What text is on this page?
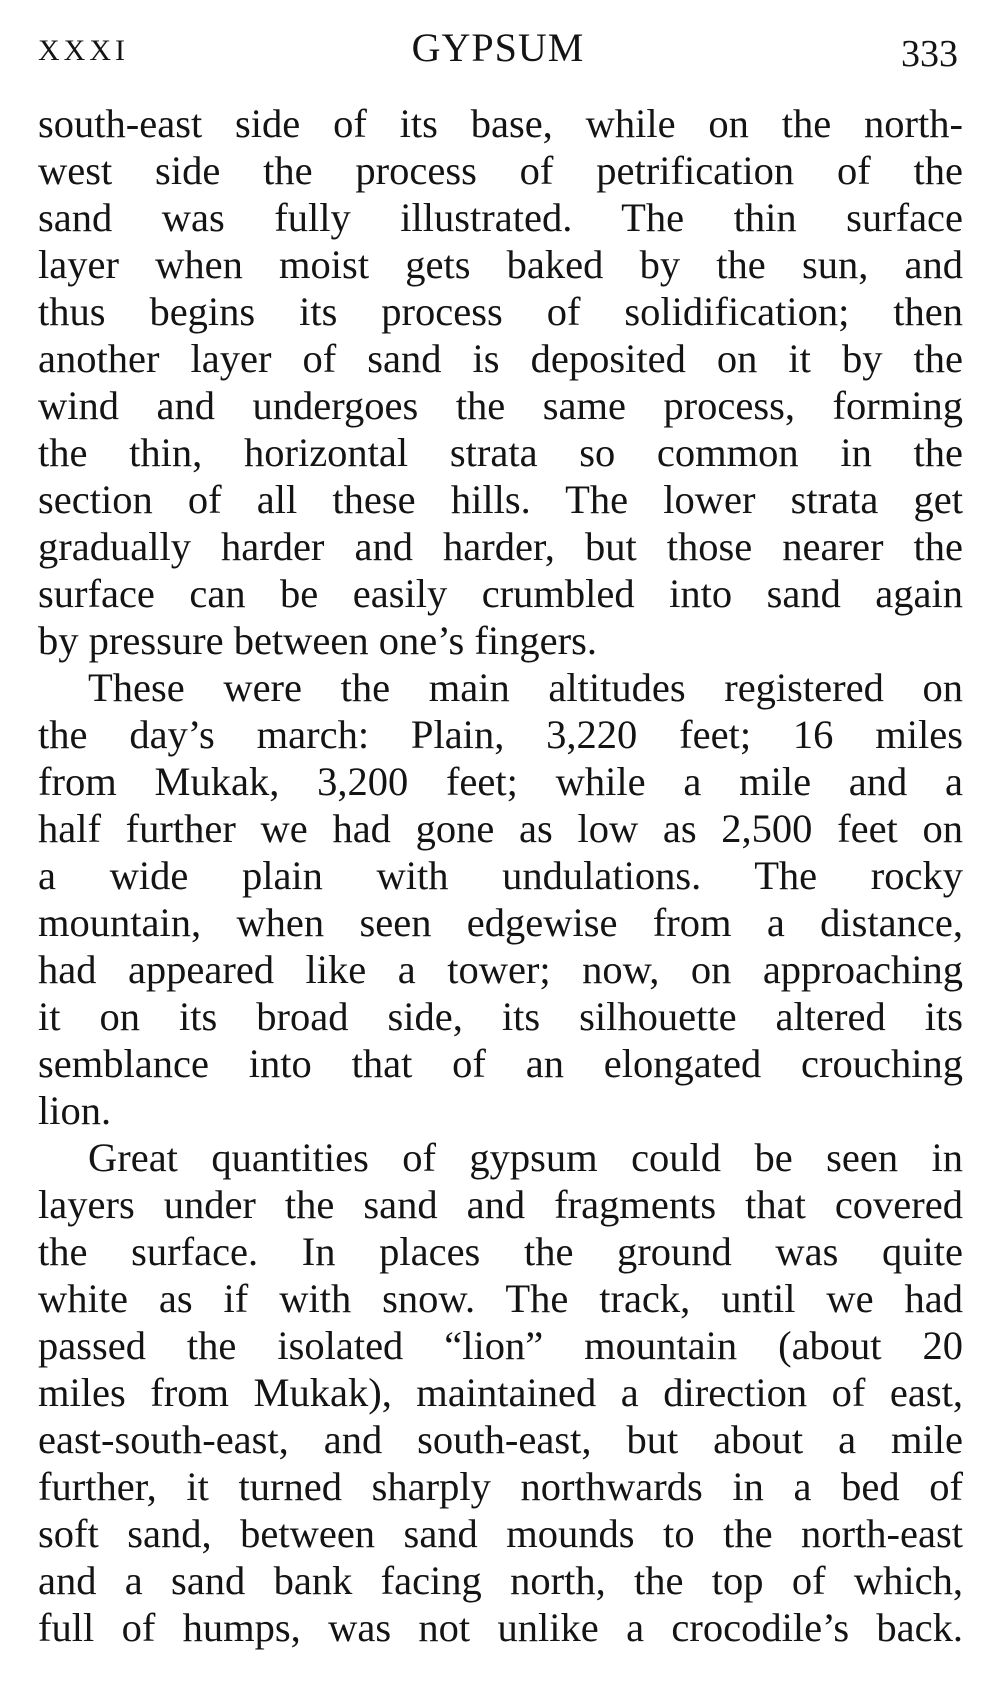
XXXI	GYPSUM	333
south-east side of its base, while on the north-
west side the process of petrification of the
sand was fully illustrated. The thin surface
layer when moist gets baked by the sun, and
thus begins its process of solidification; then
another layer of sand is deposited on it by the
wind and undergoes the same process, forming
the thin, horizontal strata so common in the
section of all these hills. The lower strata get
gradually harder and harder, but those nearer the
surface can be easily crumbled into sand again
by pressure between one’s fingers.
These were the main altitudes registered on
the day’s march: Plain, 3,220 feet; 16 miles
from Mukak, 3,200 feet; while a mile and a
half further we had gone as low as 2,500 feet on
a wide plain with undulations. The rocky
mountain, when seen edgewise from a distance,
had appeared like a tower; now, on approaching
it on its broad side, its silhouette altered its
semblance into that of an elongated crouching
lion.
Great quantities of gypsum could be seen in
layers under the sand and fragments that covered
the surface. In places the ground was quite
white as if with snow. The track, until we had
passed the isolated “lion” mountain (about 20
miles from Mukak), maintained a direction of east,
east-south-east, and south-east, but about a mile
further, it turned sharply northwards in a bed of
soft sand, between sand mounds to the north-east
and a sand bank facing north, the top of which,
full of humps, was not unlike a crocodile’s back.
